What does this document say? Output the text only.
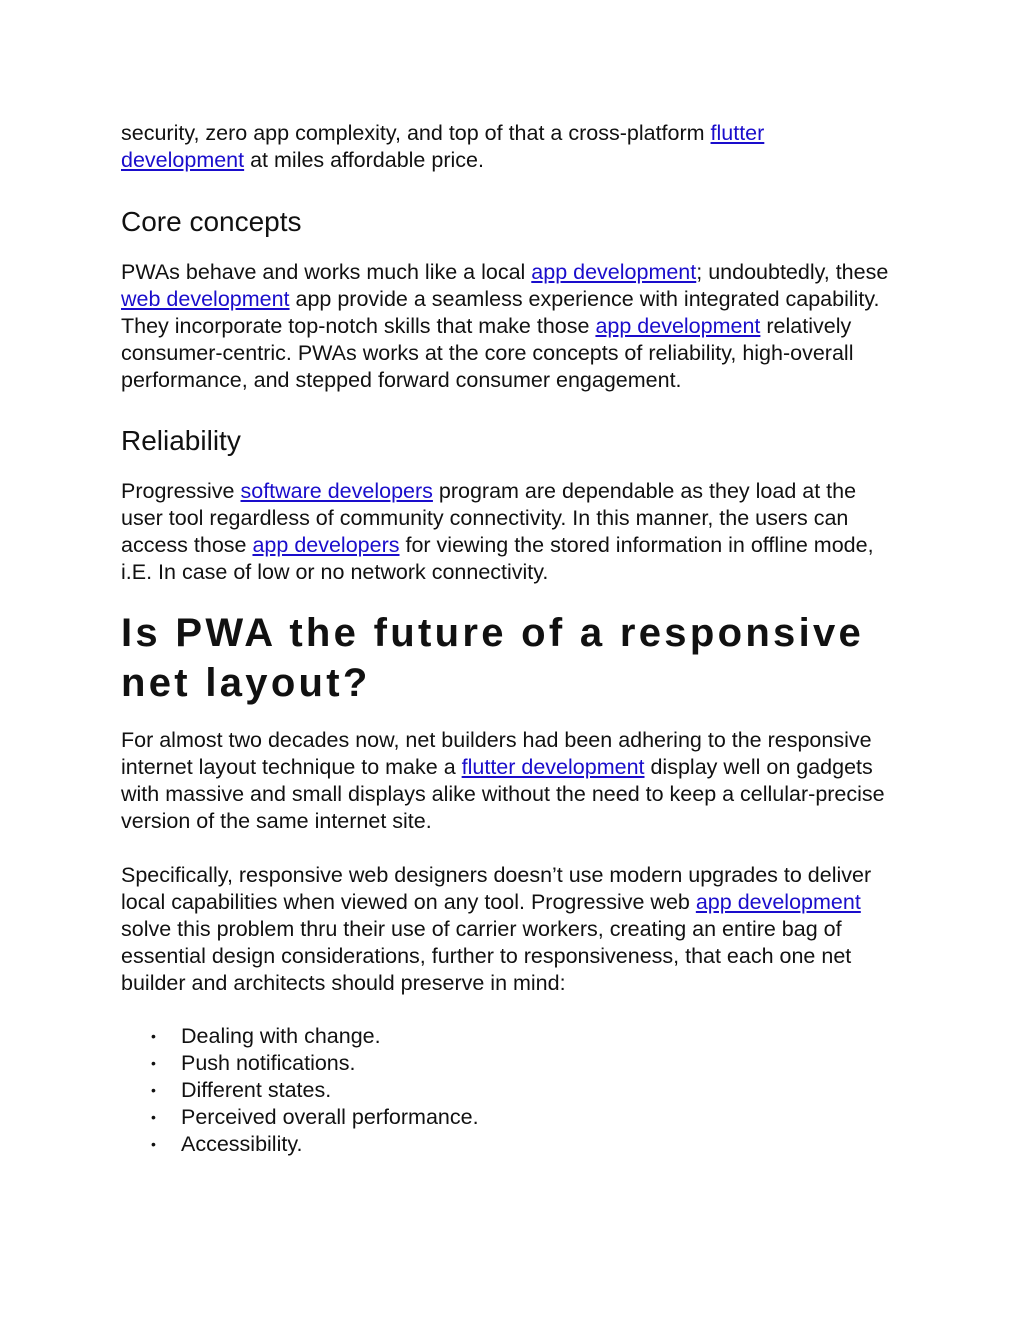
security, zero app complexity, and top of that a cross-platform flutter development at miles affordable price.

Core concepts

PWAs behave and works much like a local app development; undoubtedly, these web development app provide a seamless experience with integrated capability. They incorporate top-notch skills that make those app development relatively consumer-centric. PWAs works at the core concepts of reliability, high-overall performance, and stepped forward consumer engagement.

Reliability

Progressive software developers program are dependable as they load at the user tool regardless of community connectivity. In this manner, the users can access those app developers for viewing the stored information in offline mode, i.E. In case of low or no network connectivity.

Is PWA the future of a responsive net layout?

For almost two decades now, net builders had been adhering to the responsive internet layout technique to make a flutter development display well on gadgets with massive and small displays alike without the need to keep a cellular-precise version of the same internet site.

Specifically, responsive web designers doesn’t use modern upgrades to deliver local capabilities when viewed on any tool. Progressive web app development solve this problem thru their use of carrier workers, creating an entire bag of essential design considerations, further to responsiveness, that each one net builder and architects should preserve in mind:

• Dealing with change.
• Push notifications.
• Different states.
• Perceived overall performance.
• Accessibility.
